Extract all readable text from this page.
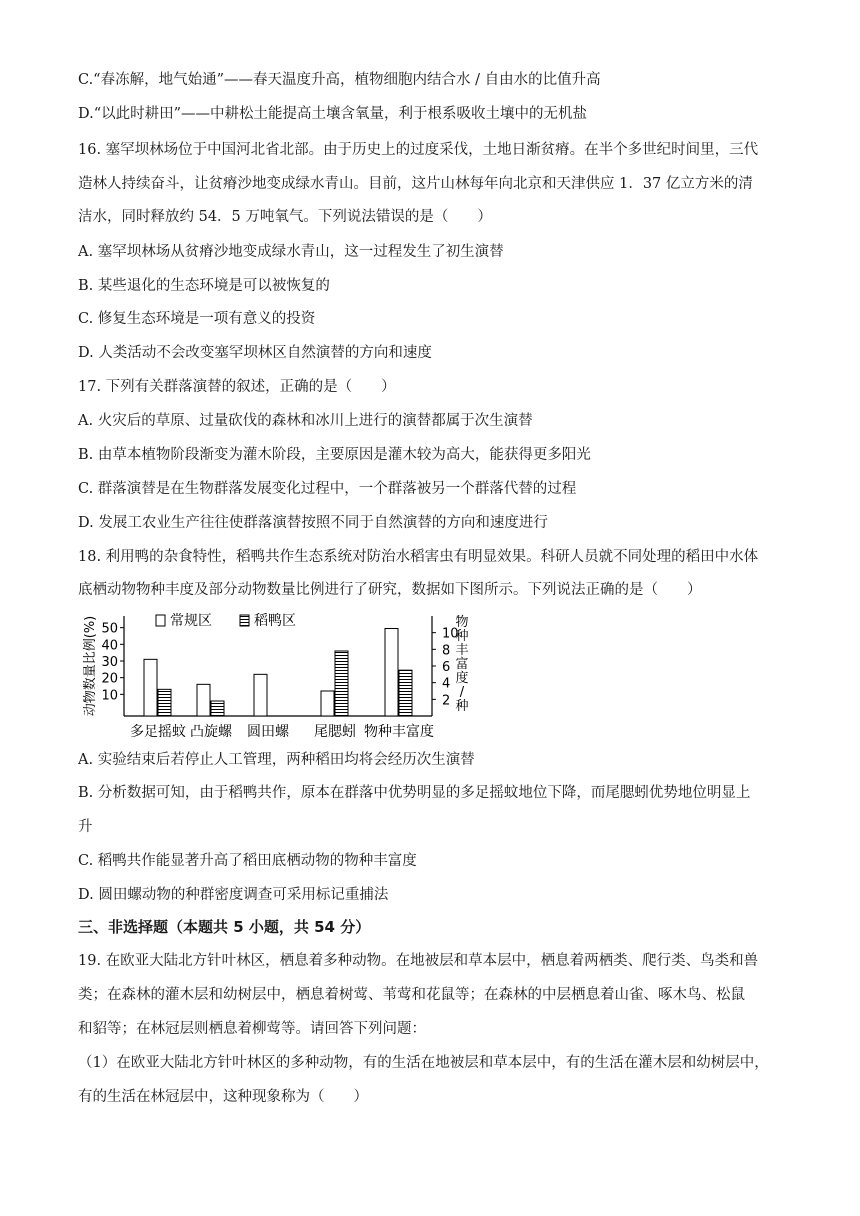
C.“春冻解，地气始通”——春天温度升高，植物细胞内结合水 / 自由水的比值升高
D.“以此时耕田”——中耕松土能提高土壤含氧量，利于根系吸收土壤中的无机盐
16. 塞罕坝林场位于中国河北省北部。由于历史上的过度采伐，土地日渐贫瘠。在半个多世纪时间里，三代
造林人持续奋斗，让贫瘠沙地变成绿水青山。目前，这片山林每年向北京和天津供应 1．37 亿立方米的清
洁水，同时释放约 54．5 万吨氧气。下列说法错误的是（　　）
A. 塞罕坝林场从贫瘠沙地变成绿水青山，这一过程发生了初生演替
B. 某些退化的生态环境是可以被恢复的
C. 修复生态环境是一项有意义的投资
D. 人类活动不会改变塞罕坝林区自然演替的方向和速度
17. 下列有关群落演替的叙述，正确的是（　　）
A. 火灾后的草原、过量砍伐的森林和冰川上进行的演替都属于次生演替
B. 由草本植物阶段渐变为灌木阶段，主要原因是灌木较为高大，能获得更多阳光
C. 群落演替是在生物群落发展变化过程中，一个群落被另一个群落代替的过程
D. 发展工农业生产往往使群落演替按照不同于自然演替的方向和速度进行
18. 利用鸭的杂食特性，稻鸭共作生态系统对防治水稻害虫有明显效果。科研人员就不同处理的稻田中水体
底栖动物物种丰度及部分动物数量比例进行了研究，数据如下图所示。下列说法正确的是（　　）
10
20
30
40
50
2
4
6
8
10
动物数量比例(%)	物种丰富度/种
常规区	稻鸭区
多足摇蚊 凸旋螺 圆田螺 尾腮蚓 物种丰富度
A. 实验结束后若停止人工管理，两种稻田均将会经历次生演替
B. 分析数据可知，由于稻鸭共作，原本在群落中优势明显的多足摇蚊地位下降，而尾腮蚓优势地位明显上
升
C. 稻鸭共作能显著升高了稻田底栖动物的物种丰富度
D. 圆田螺动物的种群密度调查可采用标记重捕法
三、非选择题（本题共 5 小题，共 54 分）
19. 在欧亚大陆北方针叶林区，栖息着多种动物。在地被层和草本层中，栖息着两栖类、爬行类、鸟类和兽
类；在森林的灌木层和幼树层中，栖息着树莺、苇莺和花鼠等；在森林的中层栖息着山雀、啄木鸟、松鼠
和貂等；在林冠层则栖息着柳莺等。请回答下列问题：
（1）在欧亚大陆北方针叶林区的多种动物，有的生活在地被层和草本层中，有的生活在灌木层和幼树层中，
有的生活在林冠层中，这种现象称为（　　）
